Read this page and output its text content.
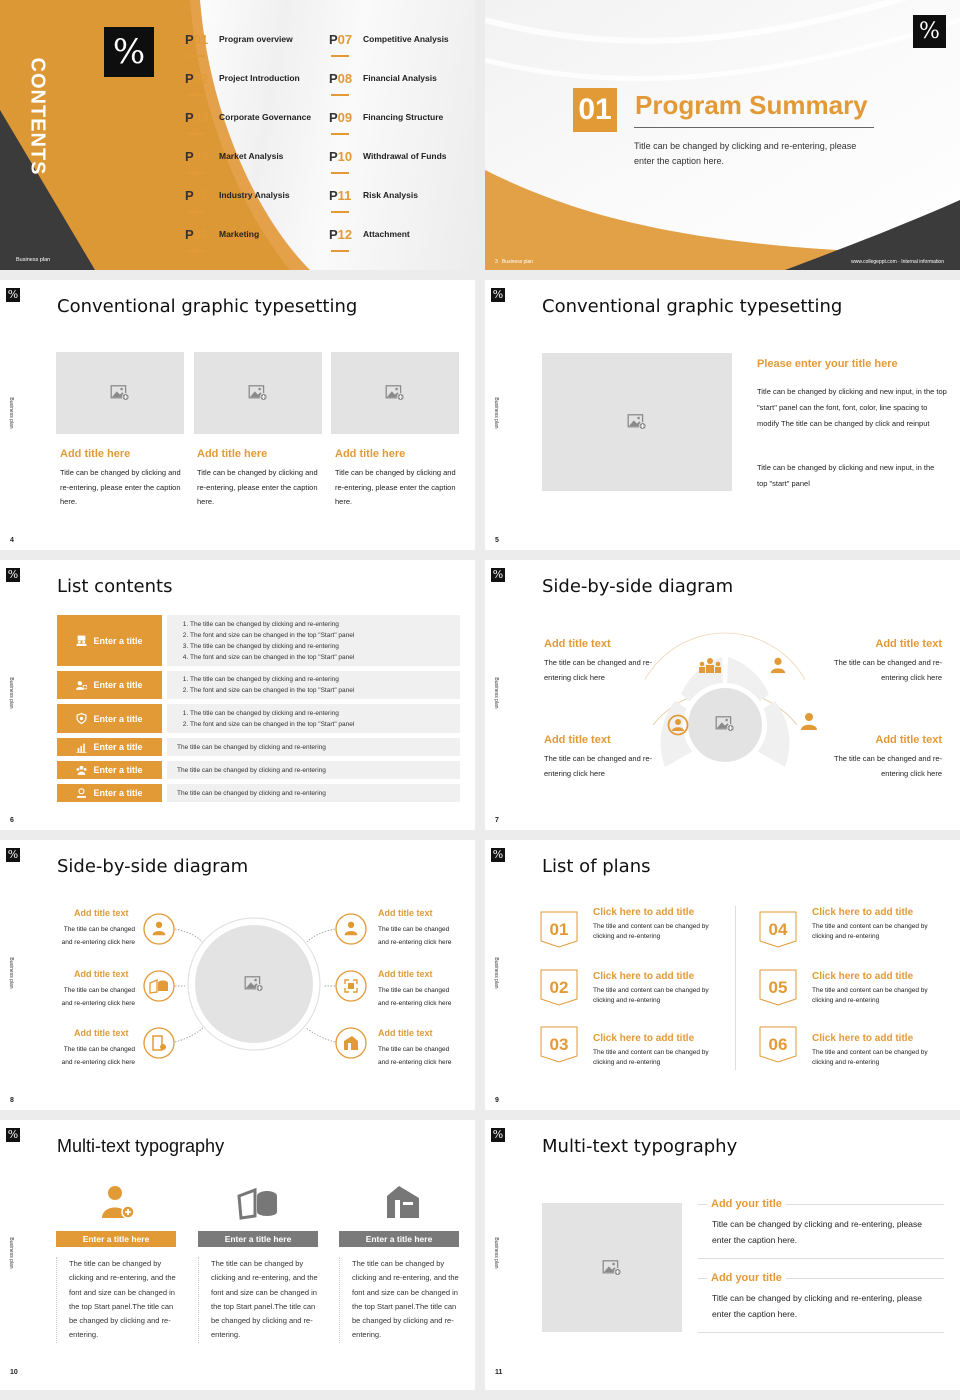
CONTENTS
Business plan
%	P01	Program overview
P02	Project Introduction
P03	Corporate Governance
P04	Market Analysis
P05	Industry Analysis
P06	Marketing
P07	Competitive Analysis
P08	Financial Analysis
P09	Financing Structure
P10	Withdrawal of Funds
P11	Risk Analysis
P12	Attachment
%
01 Program Summary
Title can be changed by clicking and re-entering, please enter the caption here.
3 Business plan	www.collegeppt.com · Internal information
%
Business plan
Conventional graphic typesetting
Add title here
Title can be changed by clicking and re-entering, please enter the caption here.
Add title here
Title can be changed by clicking and re-entering, please enter the caption here.
Add title here
Title can be changed by clicking and re-entering, please enter the caption here.
4
%
Business plan
Conventional graphic typesetting
Please enter your title here
Title can be changed by clicking and new input, in the top "start" panel can the font, font, color, line spacing to modify The title can be changed by click and reinput
Title can be changed by clicking and new input, in the top "start" panel
5
%
Business plan
List contents
Enter a title
1. The title can be changed by clicking and re-entering
2. The font and size can be changed in the top "Start" panel
3. The title can be changed by clicking and re-entering
4. The font and size can be changed in the top "Start" panel
Enter a title
1. The title can be changed by clicking and re-entering
2. The font and size can be changed in the top "Start" panel
Enter a title
1. The title can be changed by clicking and re-entering
2. The font and size can be changed in the top "Start" panel
Enter a title	The title can be changed by clicking and re-entering
Enter a title	The title can be changed by clicking and re-entering
Enter a title	The title can be changed by clicking and re-entering
6
%
Business plan
Side-by-side diagram
Add title text
The title can be changed and re-entering click here
Add title text
The title can be changed and re-entering click here
Add title text
The title can be changed and re-entering click here
Add title text
The title can be changed and re-entering click here
7
%
Business plan
Side-by-side diagram
Add title text
The title can be changed and re-entering click here
Add title text
The title can be changed and re-entering click here
Add title text
The title can be changed and re-entering click here
Add title text
The title can be changed and re-entering click here
Add title text
The title can be changed and re-entering click here
Add title text
The title can be changed and re-entering click here
8
%
Business plan
List of plans
01
Click here to add title
The title and content can be changed by clicking and re-entering
02
Click here to add title
The title and content can be changed by clicking and re-entering
03 Click here to add title
The title and content can be changed by clicking and re-entering
04
Click here to add title
The title and content can be changed by clicking and re-entering
05
Click here to add title
The title and content can be changed by clicking and re-entering
06 Click here to add title
The title and content can be changed by clicking and re-entering
9
%
Business plan
Multi-text typography
Enter a title here
The title can be changed by clicking and re-entering, and the font and size can be changed in the top Start panel.The title can be changed by clicking and re-entering.
Enter a title here
The title can be changed by clicking and re-entering, and the font and size can be changed in the top Start panel.The title can be changed by clicking and re-entering.
Enter a title here
The title can be changed by clicking and re-entering, and the font and size can be changed in the top Start panel.The title can be changed by clicking and re-entering.
10
%
Business plan
Multi-text typography
Add your title
Title can be changed by clicking and re-entering, please enter the caption here.
Add your title
Title can be changed by clicking and re-entering, please enter the caption here.
11
